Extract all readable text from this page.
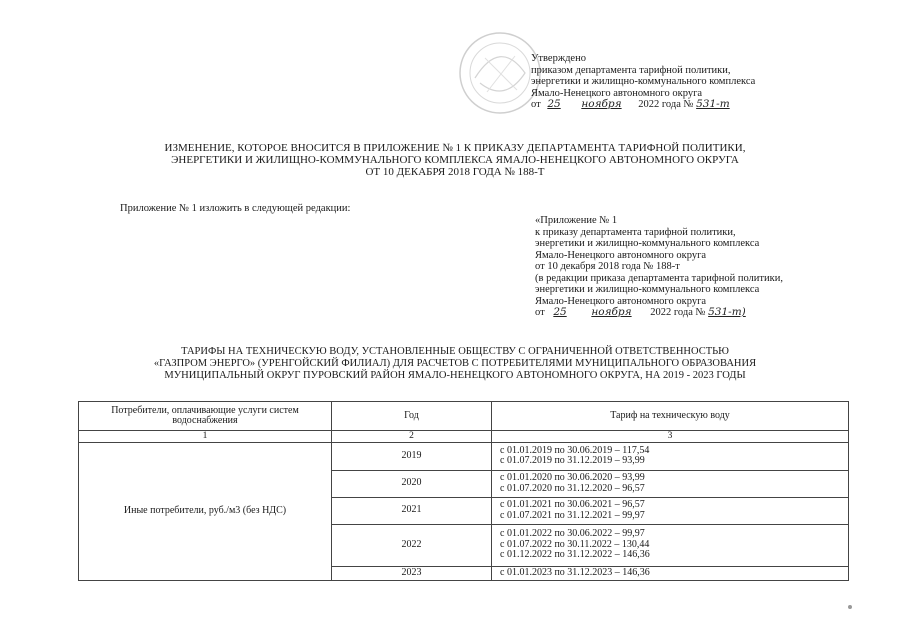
Утверждено
приказом департамента тарифной политики,
энергетики и жилищно-коммунального комплекса
Ямало-Ненецкого автономного округа
от 25 ноября 2022 года № 531-т
ИЗМЕНЕНИЕ, КОТОРОЕ ВНОСИТСЯ В ПРИЛОЖЕНИЕ № 1 К ПРИКАЗУ ДЕПАРТАМЕНТА ТАРИФНОЙ ПОЛИТИКИ,
ЭНЕРГЕТИКИ И ЖИЛИЩНО-КОММУНАЛЬНОГО КОМПЛЕКСА ЯМАЛО-НЕНЕЦКОГО АВТОНОМНОГО ОКРУГА
ОТ 10 ДЕКАБРЯ 2018 ГОДА № 188-Т
Приложение № 1 изложить в следующей редакции:
«Приложение № 1
к приказу департамента тарифной политики,
энергетики и жилищно-коммунального комплекса
Ямало-Ненецкого автономного округа
от 10 декабря 2018 года № 188-т
(в редакции приказа департамента тарифной политики,
энергетики и жилищно-коммунального комплекса
Ямало-Ненецкого автономного округа
от 25 ноября 2022 года № 531-т)
ТАРИФЫ НА ТЕХНИЧЕСКУЮ ВОДУ, УСТАНОВЛЕННЫЕ ОБЩЕСТВУ С ОГРАНИЧЕННОЙ ОТВЕТСТВЕННОСТЬЮ
«ГАЗПРОМ ЭНЕРГО» (УРЕНГОЙСКИЙ ФИЛИАЛ) ДЛЯ РАСЧЕТОВ С ПОТРЕБИТЕЛЯМИ МУНИЦИПАЛЬНОГО ОБРАЗОВАНИЯ
МУНИЦИПАЛЬНЫЙ ОКРУГ ПУРОВСКИЙ РАЙОН ЯМАЛО-НЕНЕЦКОГО АВТОНОМНОГО ОКРУГА, НА 2019 - 2023 ГОДЫ
Потребители, оплачивающие услуги систем водоснабжения	Год	Тариф на техническую воду
1	2	3
Иные потребители, руб./м3 (без НДС)	2019	с 01.01.2019 по 30.06.2019 – 117,54
с 01.07.2019 по 31.12.2019 – 93,99

	2020	с 01.01.2020 по 30.06.2020 – 93,99
с 01.07.2020 по 31.12.2020 – 96,57

	2021	с 01.01.2021 по 30.06.2021 – 96,57
с 01.07.2021 по 31.12.2021 – 99,97

	2022	с 01.01.2022 по 30.06.2022 – 99,97
с 01.07.2022 по 30.11.2022 – 130,44
с 01.12.2022 по 31.12.2022 – 146,36

	2023	с 01.01.2023 по 31.12.2023 – 146,36
